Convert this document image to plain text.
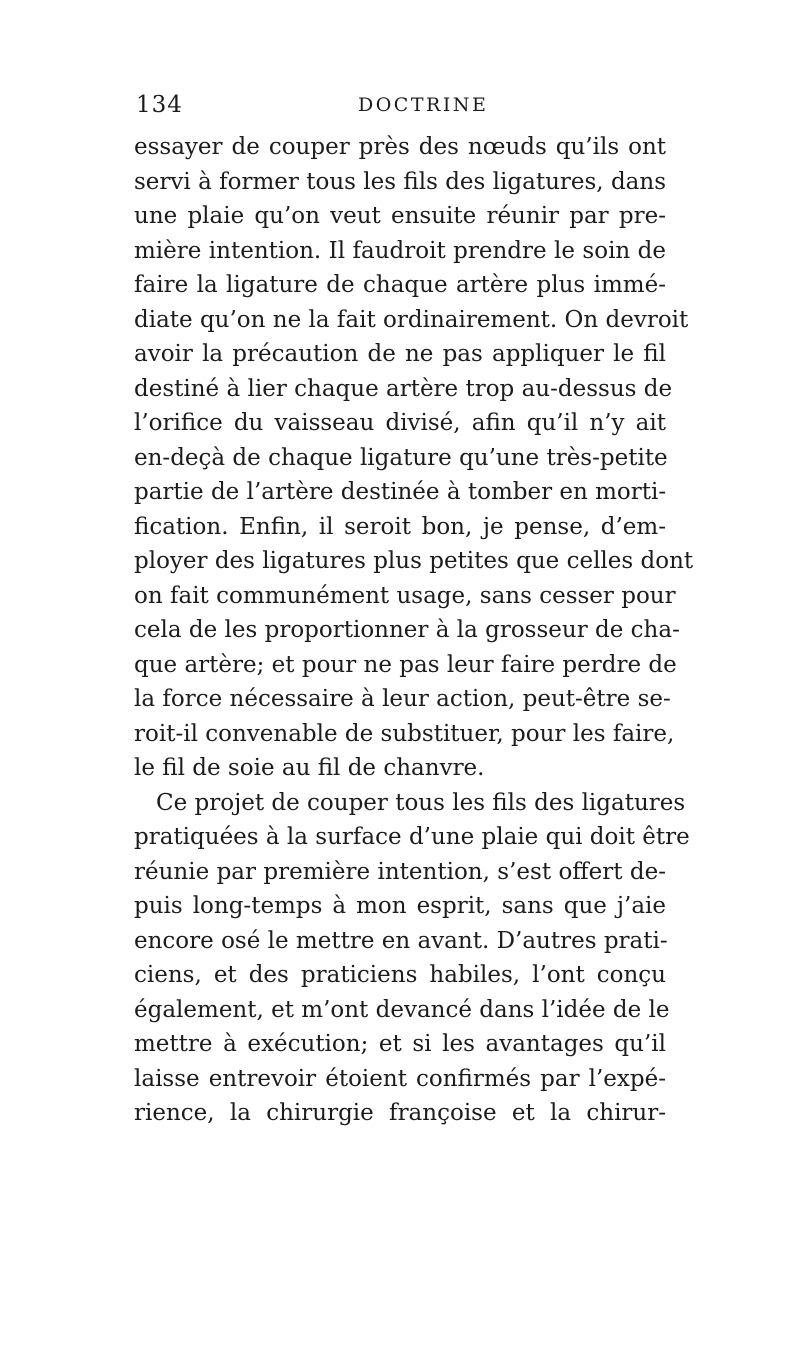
134	DOCTRINE
essayer de couper près des nœuds qu’ils ont
servi à former tous les fils des ligatures, dans
une plaie qu’on veut ensuite réunir par pre-
mière intention. Il faudroit prendre le soin de
faire la ligature de chaque artère plus immé-
diate qu’on ne la fait ordinairement. On devroit
avoir la précaution de ne pas appliquer le fil
destiné à lier chaque artère trop au-dessus de
l’orifice du vaisseau divisé, afin qu’il n’y ait
en-deçà de chaque ligature qu’une très-petite
partie de l’artère destinée à tomber en morti-
fication. Enfin, il seroit bon, je pense, d’em-
ployer des ligatures plus petites que celles dont
on fait communément usage, sans cesser pour
cela de les proportionner à la grosseur de cha-
que artère; et pour ne pas leur faire perdre de
la force nécessaire à leur action, peut-être se-
roit-il convenable de substituer, pour les faire,
le fil de soie au fil de chanvre.
Ce projet de couper tous les fils des ligatures
pratiquées à la surface d’une plaie qui doit être
réunie par première intention, s’est offert de-
puis long-temps à mon esprit, sans que j’aie
encore osé le mettre en avant. D’autres prati-
ciens, et des praticiens habiles, l’ont conçu
également, et m’ont devancé dans l’idée de le
mettre à exécution; et si les avantages qu’il
laisse entrevoir étoient confirmés par l’expé-
rience, la chirurgie françoise et la chirur-
